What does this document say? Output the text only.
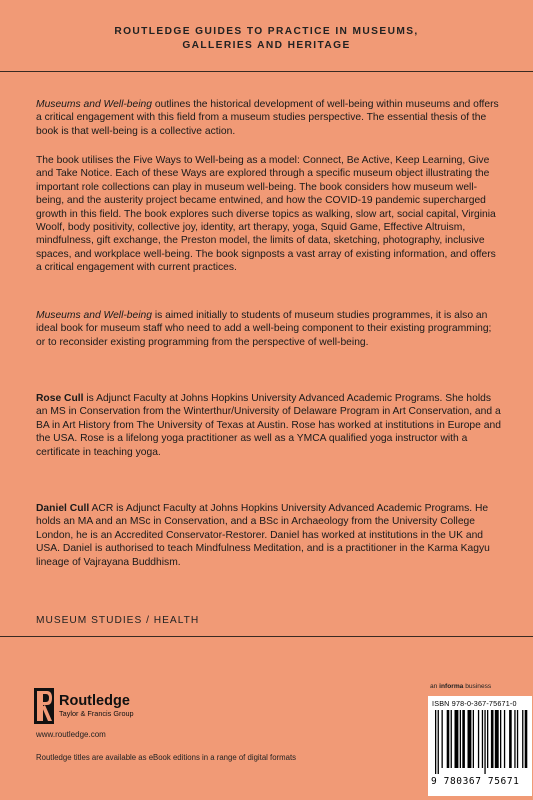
ROUTLEDGE GUIDES TO PRACTICE IN MUSEUMS,
GALLERIES AND HERITAGE

Museums and Well-being outlines the historical development of well-being within museums and offers a critical engagement with this field from a museum studies perspective. The essential thesis of the book is that well-being is a collective action.

The book utilises the Five Ways to Well-being as a model: Connect, Be Active, Keep Learning, Give and Take Notice. Each of these Ways are explored through a specific museum object illustrating the important role collections can play in museum well-being. The book considers how museum well-being, and the austerity project became entwined, and how the COVID-19 pandemic supercharged growth in this field. The book explores such diverse topics as walking, slow art, social capital, Virginia Woolf, body positivity, collective joy, identity, art therapy, yoga, Squid Game, Effective Altruism, mindfulness, gift exchange, the Preston model, the limits of data, sketching, photography, inclusive spaces, and workplace well-being. The book signposts a vast array of existing information, and offers a critical engagement with current practices.

Museums and Well-being is aimed initially to students of museum studies programmes, it is also an ideal book for museum staff who need to add a well-being component to their existing programming; or to reconsider existing programming from the perspective of well-being.

Rose Cull is Adjunct Faculty at Johns Hopkins University Advanced Academic Programs. She holds an MS in Conservation from the Winterthur/University of Delaware Program in Art Conservation, and a BA in Art History from The University of Texas at Austin. Rose has worked at institutions in Europe and the USA. Rose is a lifelong yoga practitioner as well as a YMCA qualified yoga instructor with a certificate in teaching yoga.

Daniel Cull ACR is Adjunct Faculty at Johns Hopkins University Advanced Academic Programs. He holds an MA and an MSc in Conservation, and a BSc in Archaeology from the University College London, he is an Accredited Conservator-Restorer. Daniel has worked at institutions in the UK and USA. Daniel is authorised to teach Mindfulness Meditation, and is a practitioner in the Karma Kagyu lineage of Vajrayana Buddhism.

MUSEUM STUDIES / HEALTH
Routledge
Taylor & Francis Group
www.routledge.com
Routledge titles are available as eBook editions in a range of digital formats
an informa business
ISBN 978-0-367-75671-0
9 780367 75671
